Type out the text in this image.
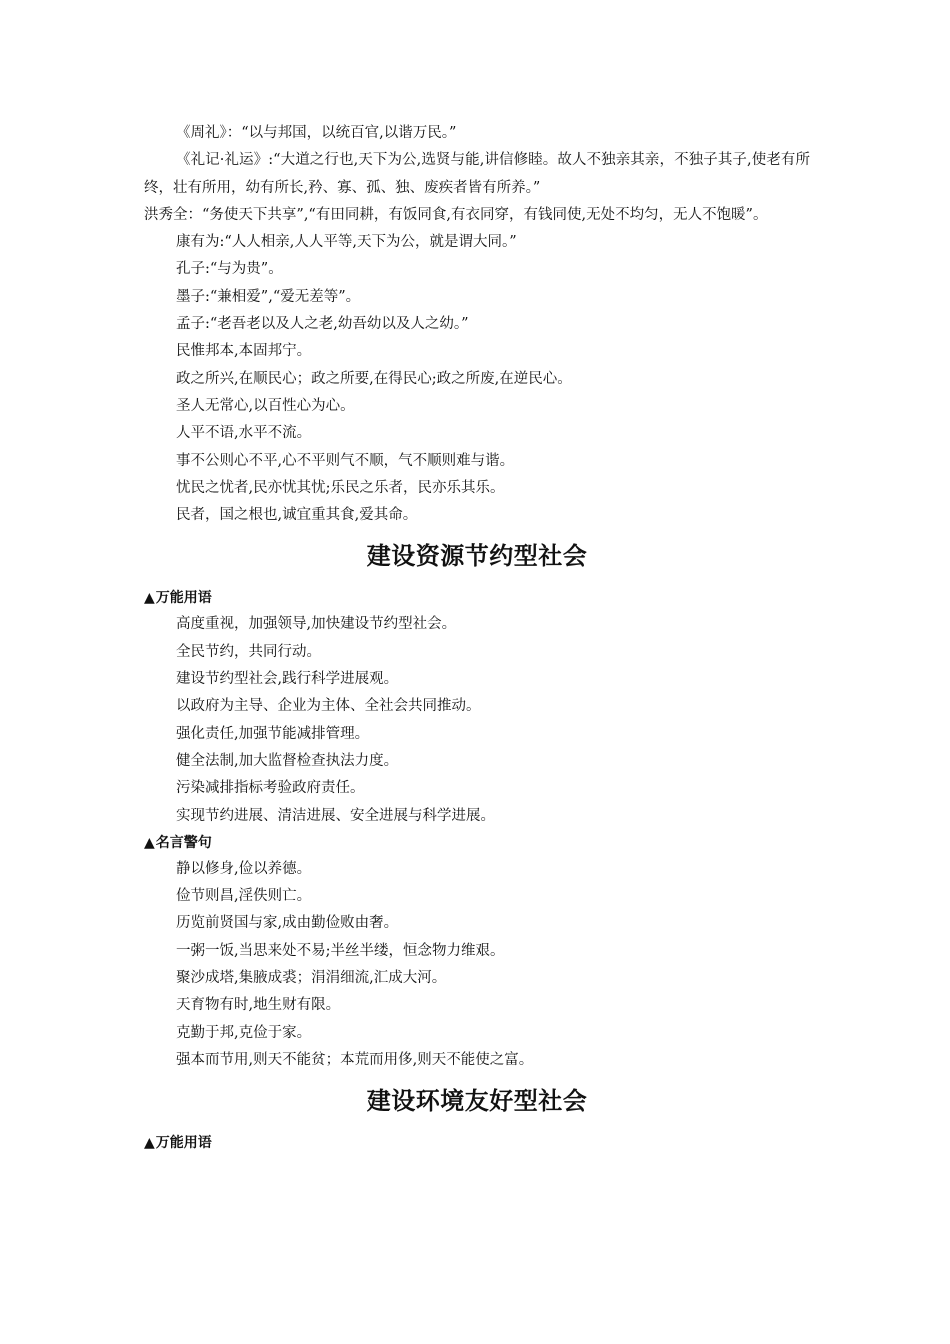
《周礼》：“以与邦国，以统百官,以谐万民。”

《礼记·礼运》:“大道之行也,天下为公,选贤与能,讲信修睦。故人不独亲其亲，不独子其子,使老有所终，壮有所用，幼有所长,矜、寡、孤、独、废疾者皆有所养。”

洪秀全：“务使天下共享”,“有田同耕，有饭同食,有衣同穿，有钱同使,无处不均匀，无人不饱暖”。

康有为:“人人相亲,人人平等,天下为公，就是谓大同。”

孔子:“与为贵”。

墨子:“兼相爱”,“爱无差等”。

孟子:“老吾老以及人之老,幼吾幼以及人之幼。”

民惟邦本,本固邦宁。

政之所兴,在顺民心；政之所要,在得民心;政之所废,在逆民心。

圣人无常心,以百性心为心。

人平不语,水平不流。

事不公则心不平,心不平则气不顺，气不顺则难与谐。

忧民之忧者,民亦忧其忧;乐民之乐者，民亦乐其乐。

民者，国之根也,诚宜重其食,爱其命。

建设资源节约型社会
▲万能用语

高度重视，加强领导,加快建设节约型社会。

全民节约，共同行动。

建设节约型社会,践行科学进展观。

以政府为主导、企业为主体、全社会共同推动。

强化责任,加强节能减排管理。

健全法制,加大监督检查执法力度。

污染减排指标考验政府责任。

实现节约进展、清洁进展、安全进展与科学进展。

▲名言警句

静以修身,俭以养德。

俭节则昌,淫佚则亡。

历览前贤国与家,成由勤俭败由奢。

一粥一饭,当思来处不易;半丝半缕，恒念物力维艰。

聚沙成塔,集腋成裘；涓涓细流,汇成大河。

天育物有时,地生财有限。

克勤于邦,克俭于家。

强本而节用,则天不能贫；本荒而用侈,则天不能使之富。

建设环境友好型社会
▲万能用语
